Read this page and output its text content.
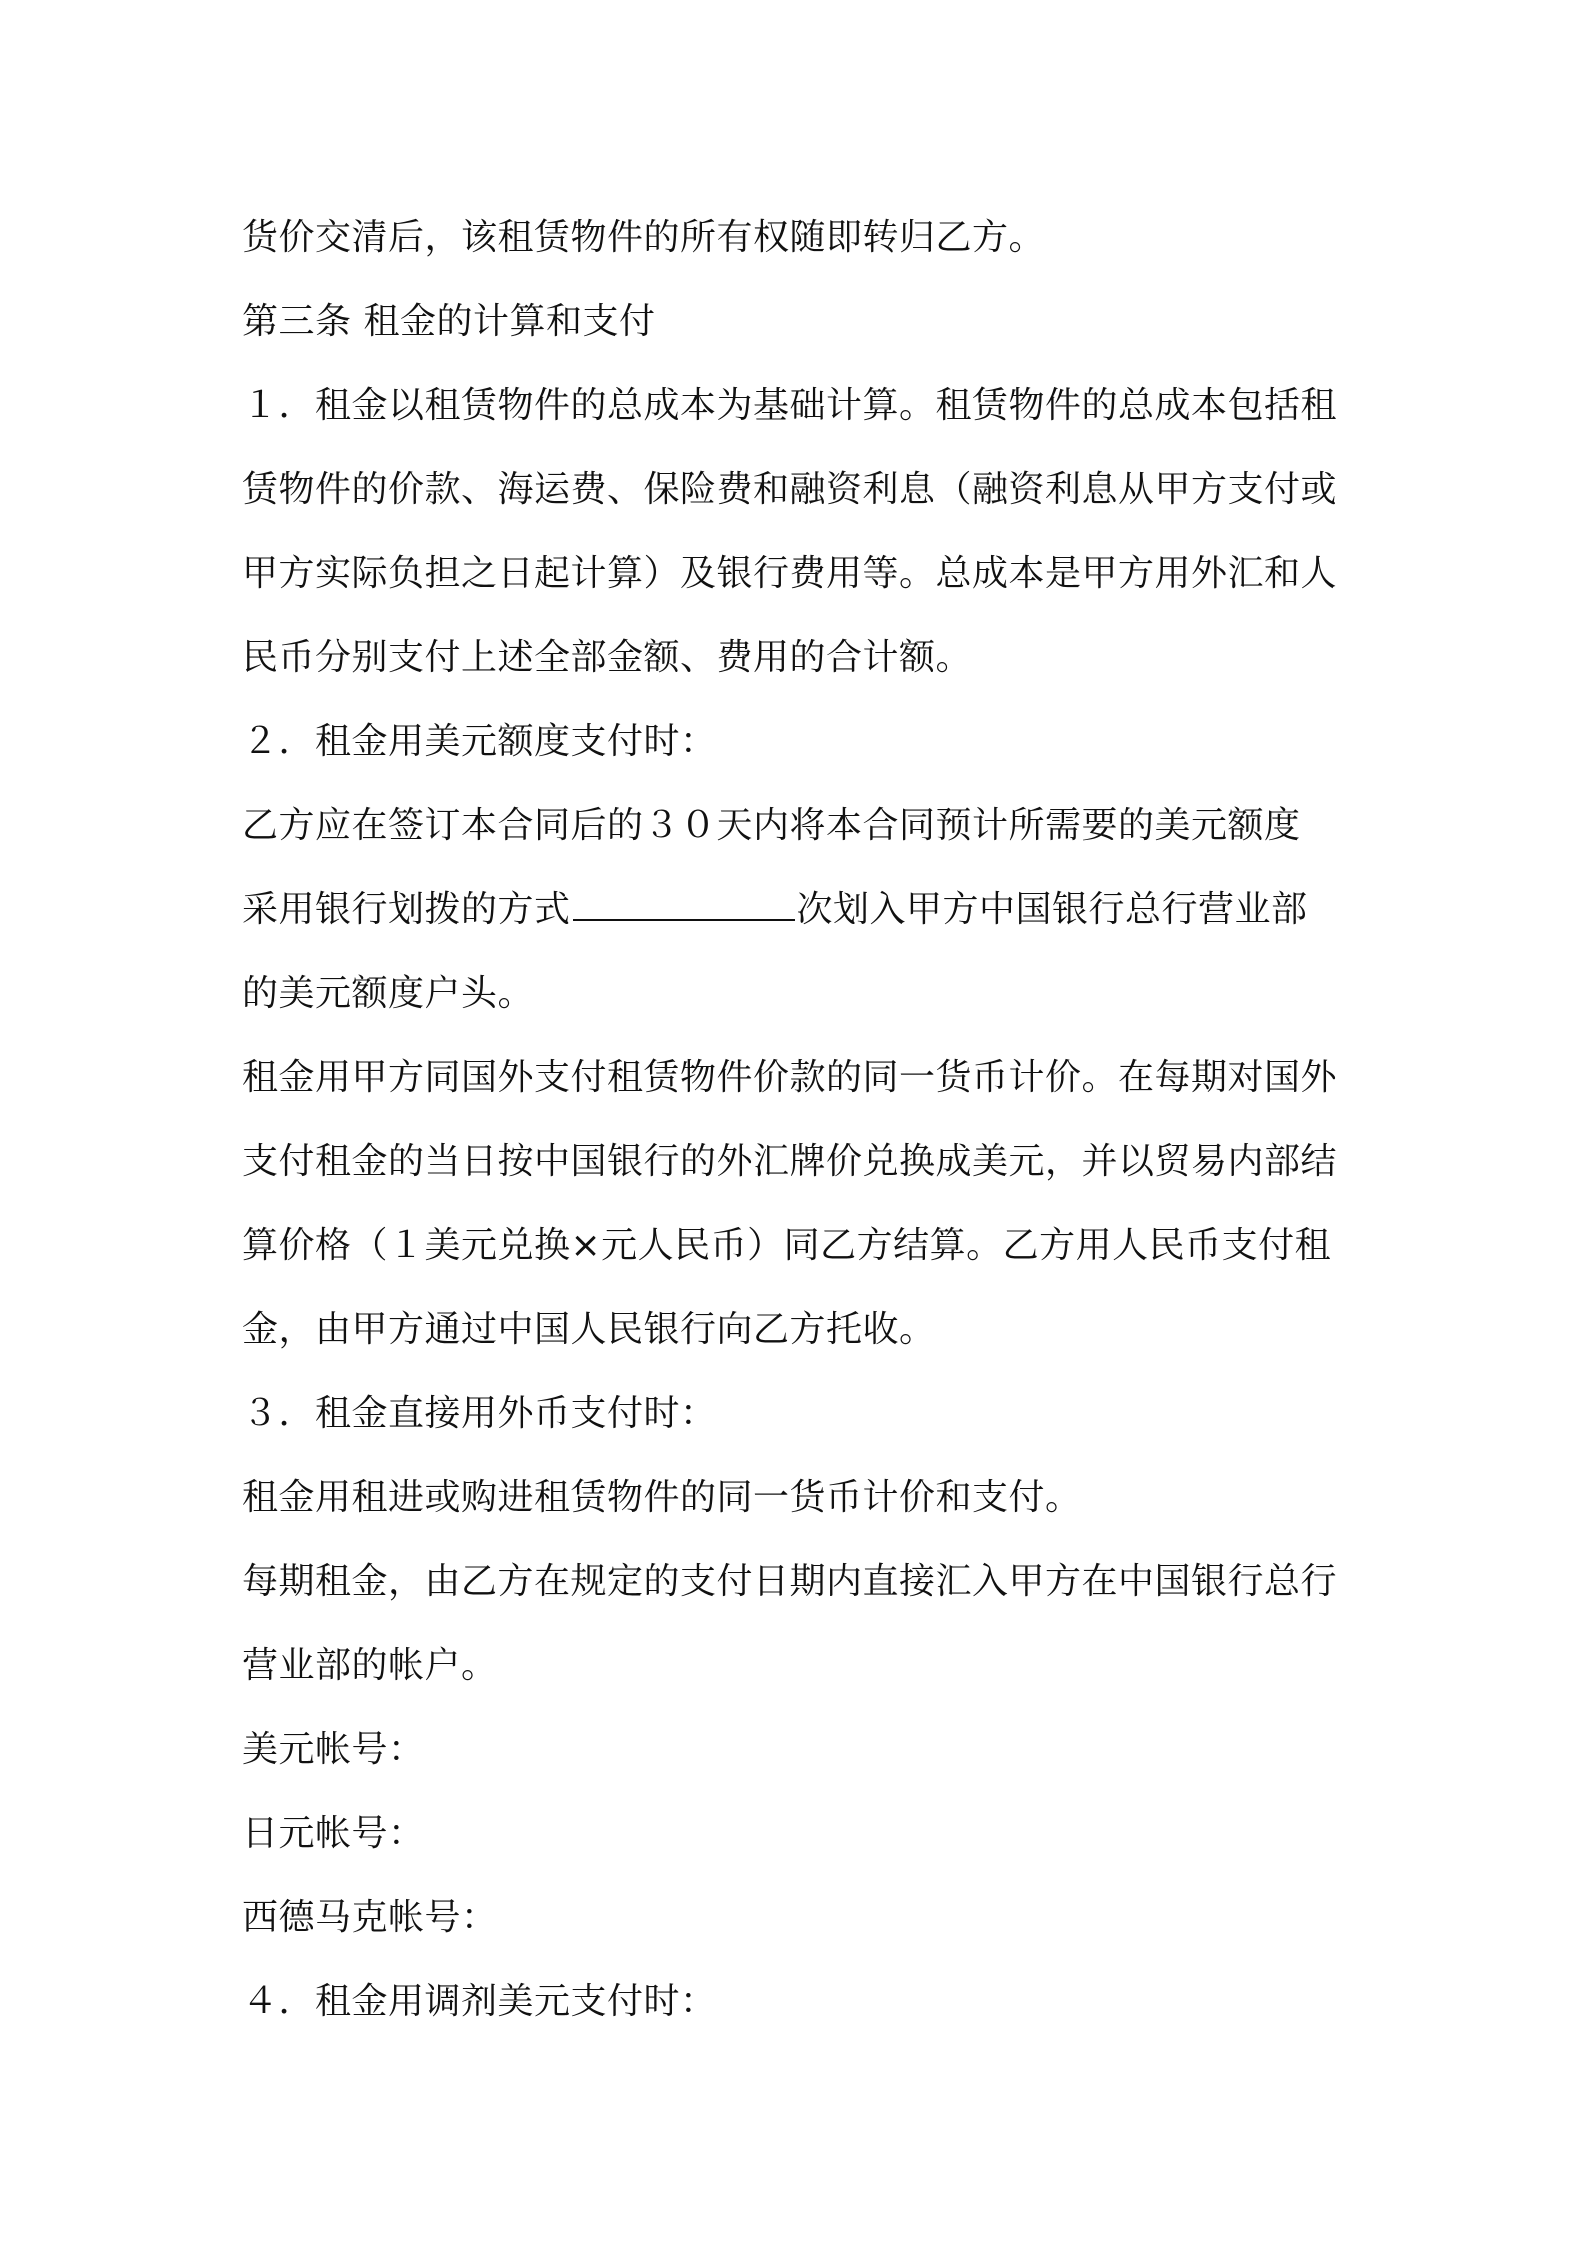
货价交清后，该租赁物件的所有权随即转归乙方。
第三条 租金的计算和支付
１．租金以租赁物件的总成本为基础计算。租赁物件的总成本包括租
赁物件的价款、海运费、保险费和融资利息（融资利息从甲方支付或
甲方实际负担之日起计算）及银行费用等。总成本是甲方用外汇和人
民币分别支付上述全部金额、费用的合计额。
２．租金用美元额度支付时：
乙方应在签订本合同后的３０天内将本合同预计所需要的美元额度
采用银行划拨的方式	次划入甲方中国银行总行营业部
的美元额度户头。
租金用甲方同国外支付租赁物件价款的同一货币计价。在每期对国外
支付租金的当日按中国银行的外汇牌价兑换成美元，并以贸易内部结
算价格（１美元兑换×元人民币）同乙方结算。乙方用人民币支付租
金，由甲方通过中国人民银行向乙方托收。
３．租金直接用外币支付时：
租金用租进或购进租赁物件的同一货币计价和支付。
每期租金，由乙方在规定的支付日期内直接汇入甲方在中国银行总行
营业部的帐户。
美元帐号：
日元帐号：
西德马克帐号：
４．租金用调剂美元支付时：
